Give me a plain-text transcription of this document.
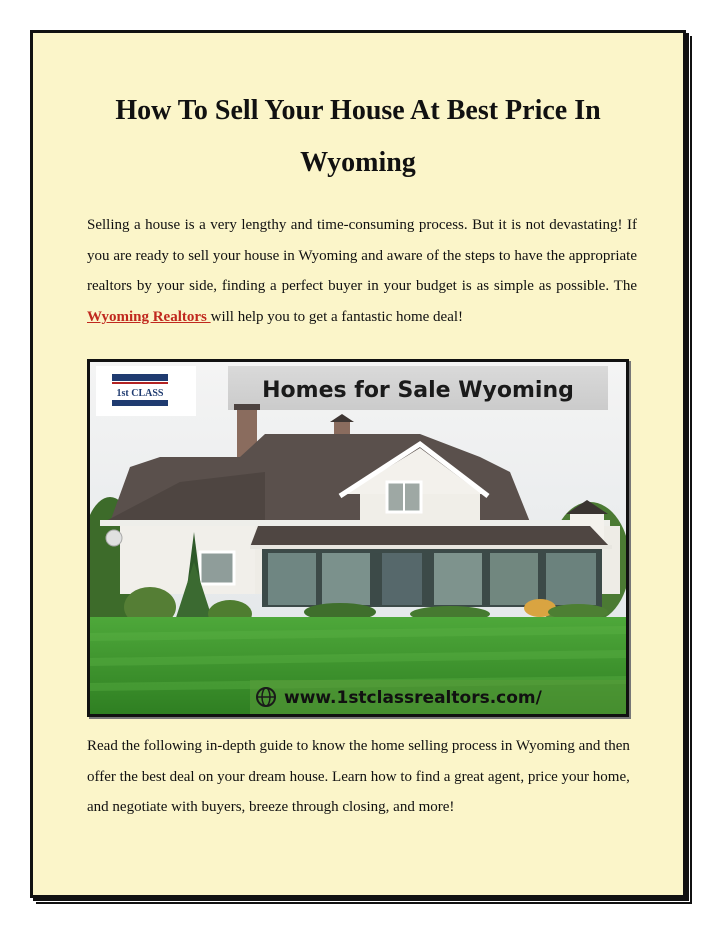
How To Sell Your House At Best Price In
Wyoming

Selling a house is a very lengthy and time-consuming process. But it is not devastating! If you are ready to sell your house in Wyoming and aware of the steps to have the appropriate realtors by your side, finding a perfect buyer in your budget is as simple as possible. The Wyoming Realtors will help you to get a fantastic home deal!

Homes for Sale Wyoming
1st CLASS
www.1stclassrealtors.com/

Read the following in-depth guide to know the home selling process in Wyoming and then offer the best deal on your dream house. Learn how to find a great agent, price your home, and negotiate with buyers, breeze through closing, and more!
